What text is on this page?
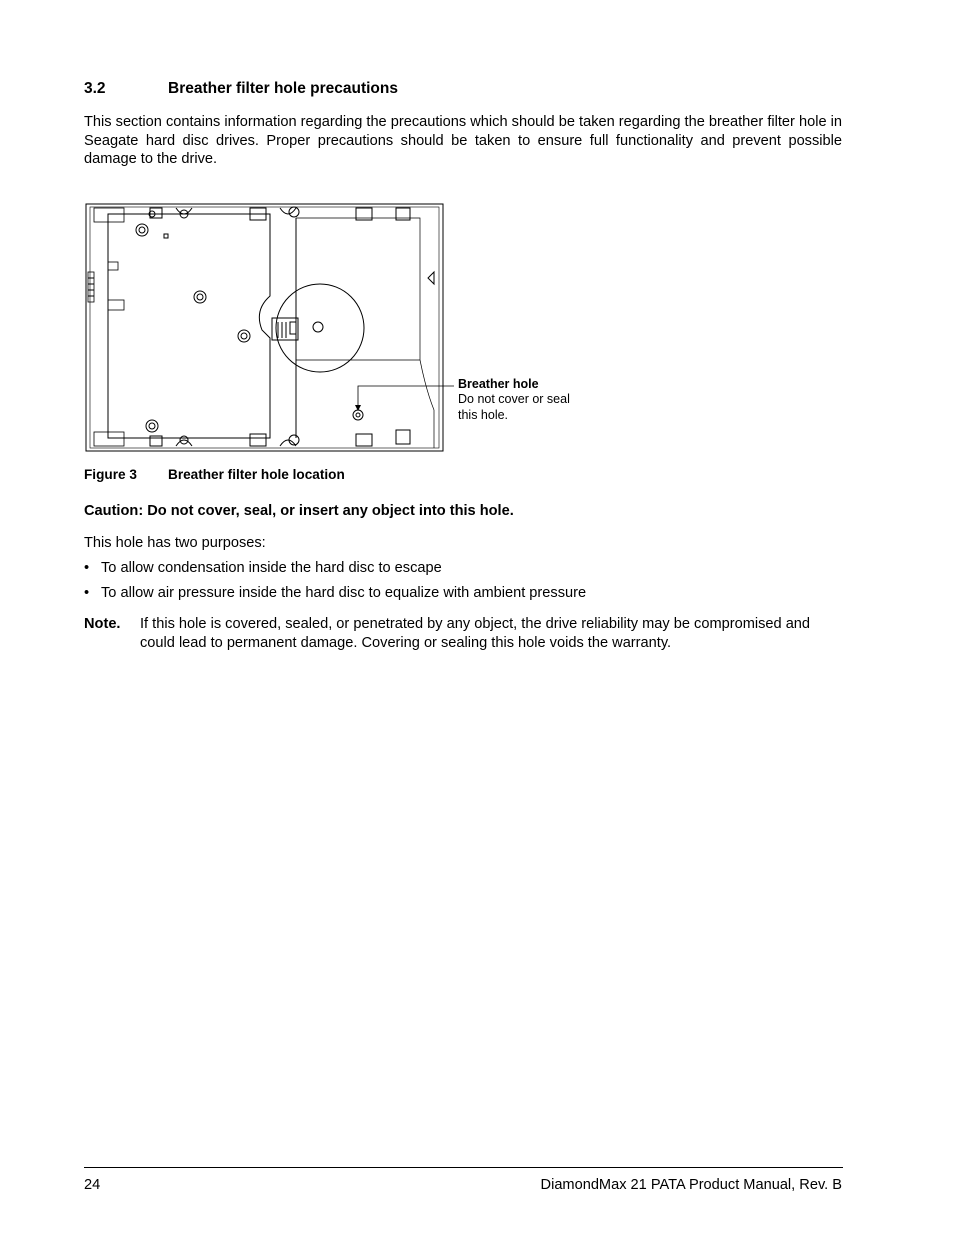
3.2	Breather filter hole precautions

This section contains information regarding the precautions which should be taken regarding the breather filter hole in Seagate hard disc drives. Proper precautions should be taken to ensure full functionality and prevent possible damage to the drive.

Breather hole
Do not cover or seal
this hole.
Figure 3 Breather filter hole location
Caution: Do not cover, seal, or insert any object into this hole.
This hole has two purposes:
• To allow condensation inside the hard disc to escape
• To allow air pressure inside the hard disc to equalize with ambient pressure
Note. If this hole is covered, sealed, or penetrated by any object, the drive reliability may be compromised and could lead to permanent damage. Covering or sealing this hole voids the warranty.
24	DiamondMax 21 PATA Product Manual, Rev. B
